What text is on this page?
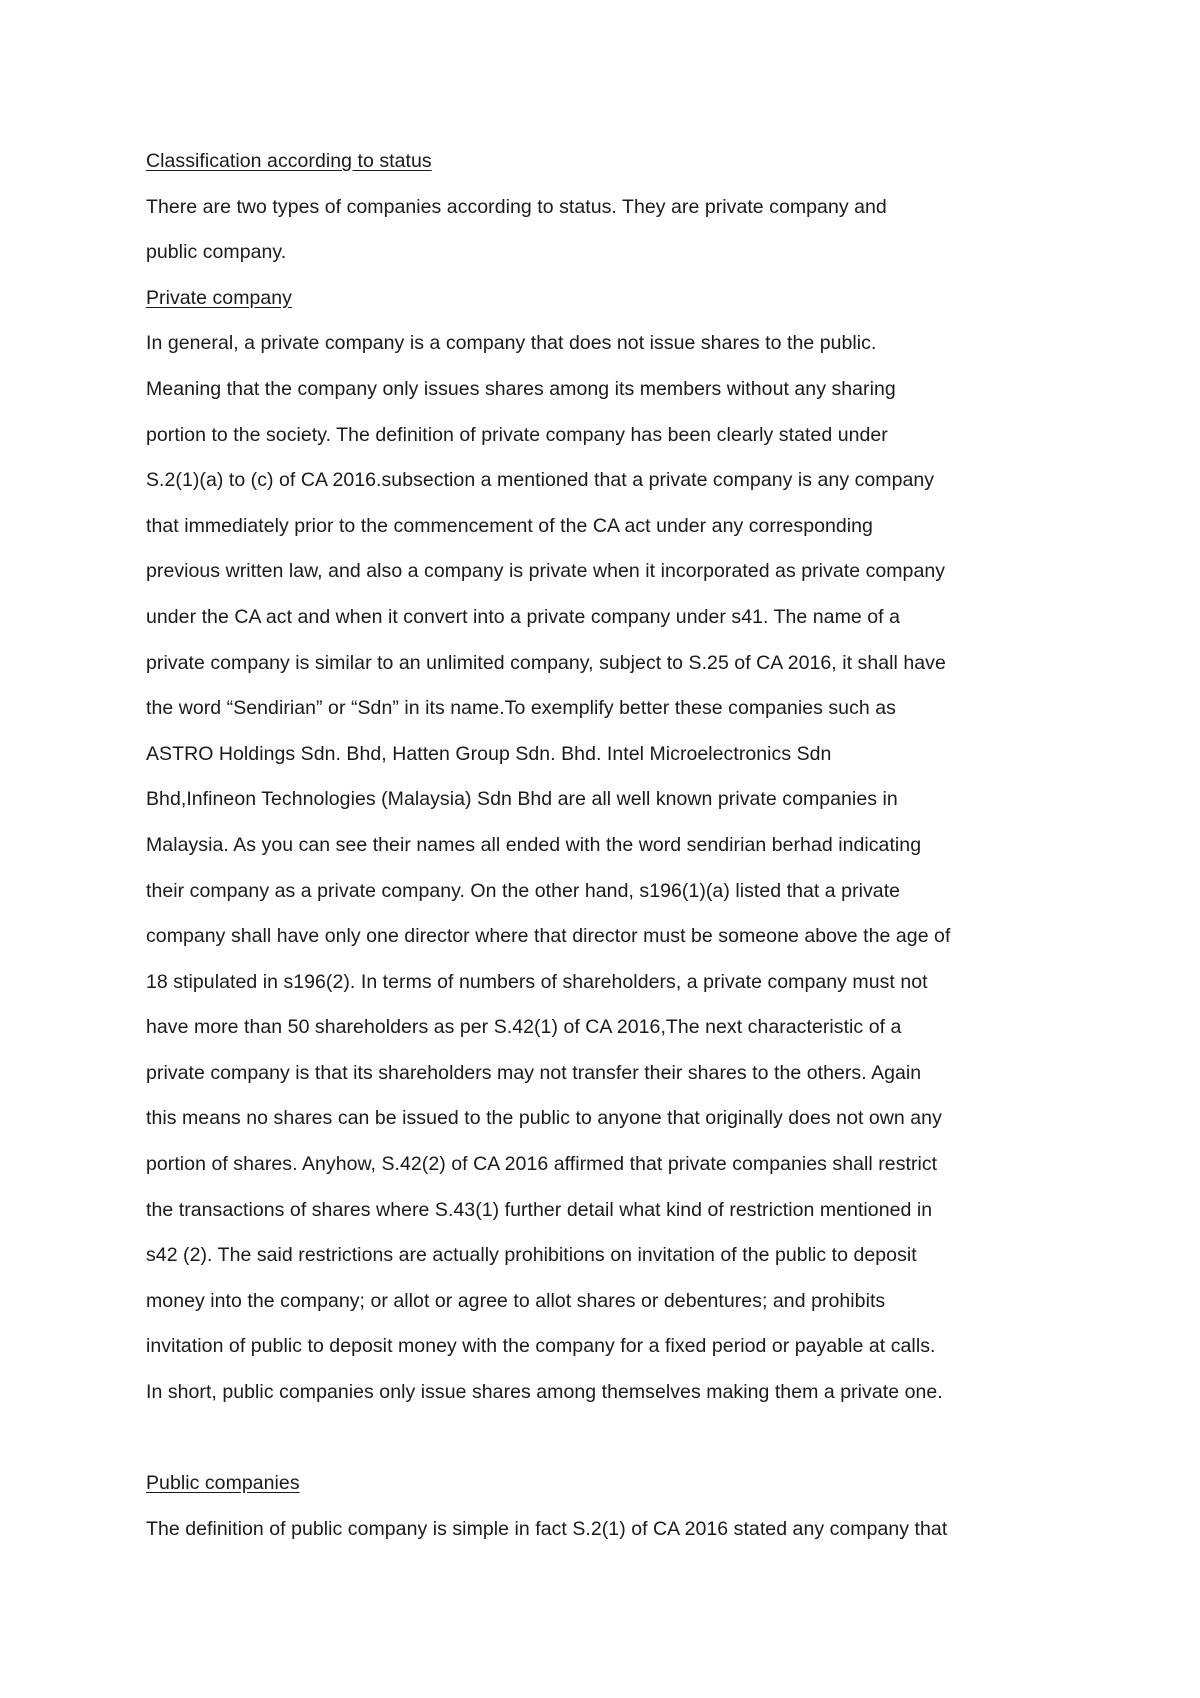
Classification according to status
There are two types of companies according to status. They are private company and
public company.
Private company
In general, a private company is a company that does not issue shares to the public.
Meaning that the company only issues shares among its members without any sharing
portion to the society. The definition of private company has been clearly stated under
S.2(1)(a) to (c) of CA 2016.subsection a mentioned that a private company is any company
that immediately prior to the commencement of the CA act under any corresponding
previous written law, and also a company is private when it incorporated as private company
under the CA act and when it convert into a private company under s41. The name of a
private company is similar to an unlimited company, subject to S.25 of CA 2016, it shall have
the word “Sendirian” or “Sdn” in its name.To exemplify better these companies such as
ASTRO Holdings Sdn. Bhd, Hatten Group Sdn. Bhd. Intel Microelectronics Sdn
Bhd,Infineon Technologies (Malaysia) Sdn Bhd are all well known private companies in
Malaysia. As you can see their names all ended with the word sendirian berhad indicating
their company as a private company. On the other hand, s196(1)(a) listed that a private
company shall have only one director where that director must be someone above the age of
18 stipulated in s196(2). In terms of numbers of shareholders, a private company must not
have more than 50 shareholders as per S.42(1) of CA 2016,The next characteristic of a
private company is that its shareholders may not transfer their shares to the others. Again
this means no shares can be issued to the public to anyone that originally does not own any
portion of shares. Anyhow, S.42(2) of CA 2016 affirmed that private companies shall restrict
the transactions of shares where S.43(1) further detail what kind of restriction mentioned in
s42 (2). The said restrictions are actually prohibitions on invitation of the public to deposit
money into the company; or allot or agree to allot shares or debentures; and prohibits
invitation of public to deposit money with the company for a fixed period or payable at calls.
In short, public companies only issue shares among themselves making them a private one.
Public companies
The definition of public company is simple in fact S.2(1) of CA 2016 stated any company that
